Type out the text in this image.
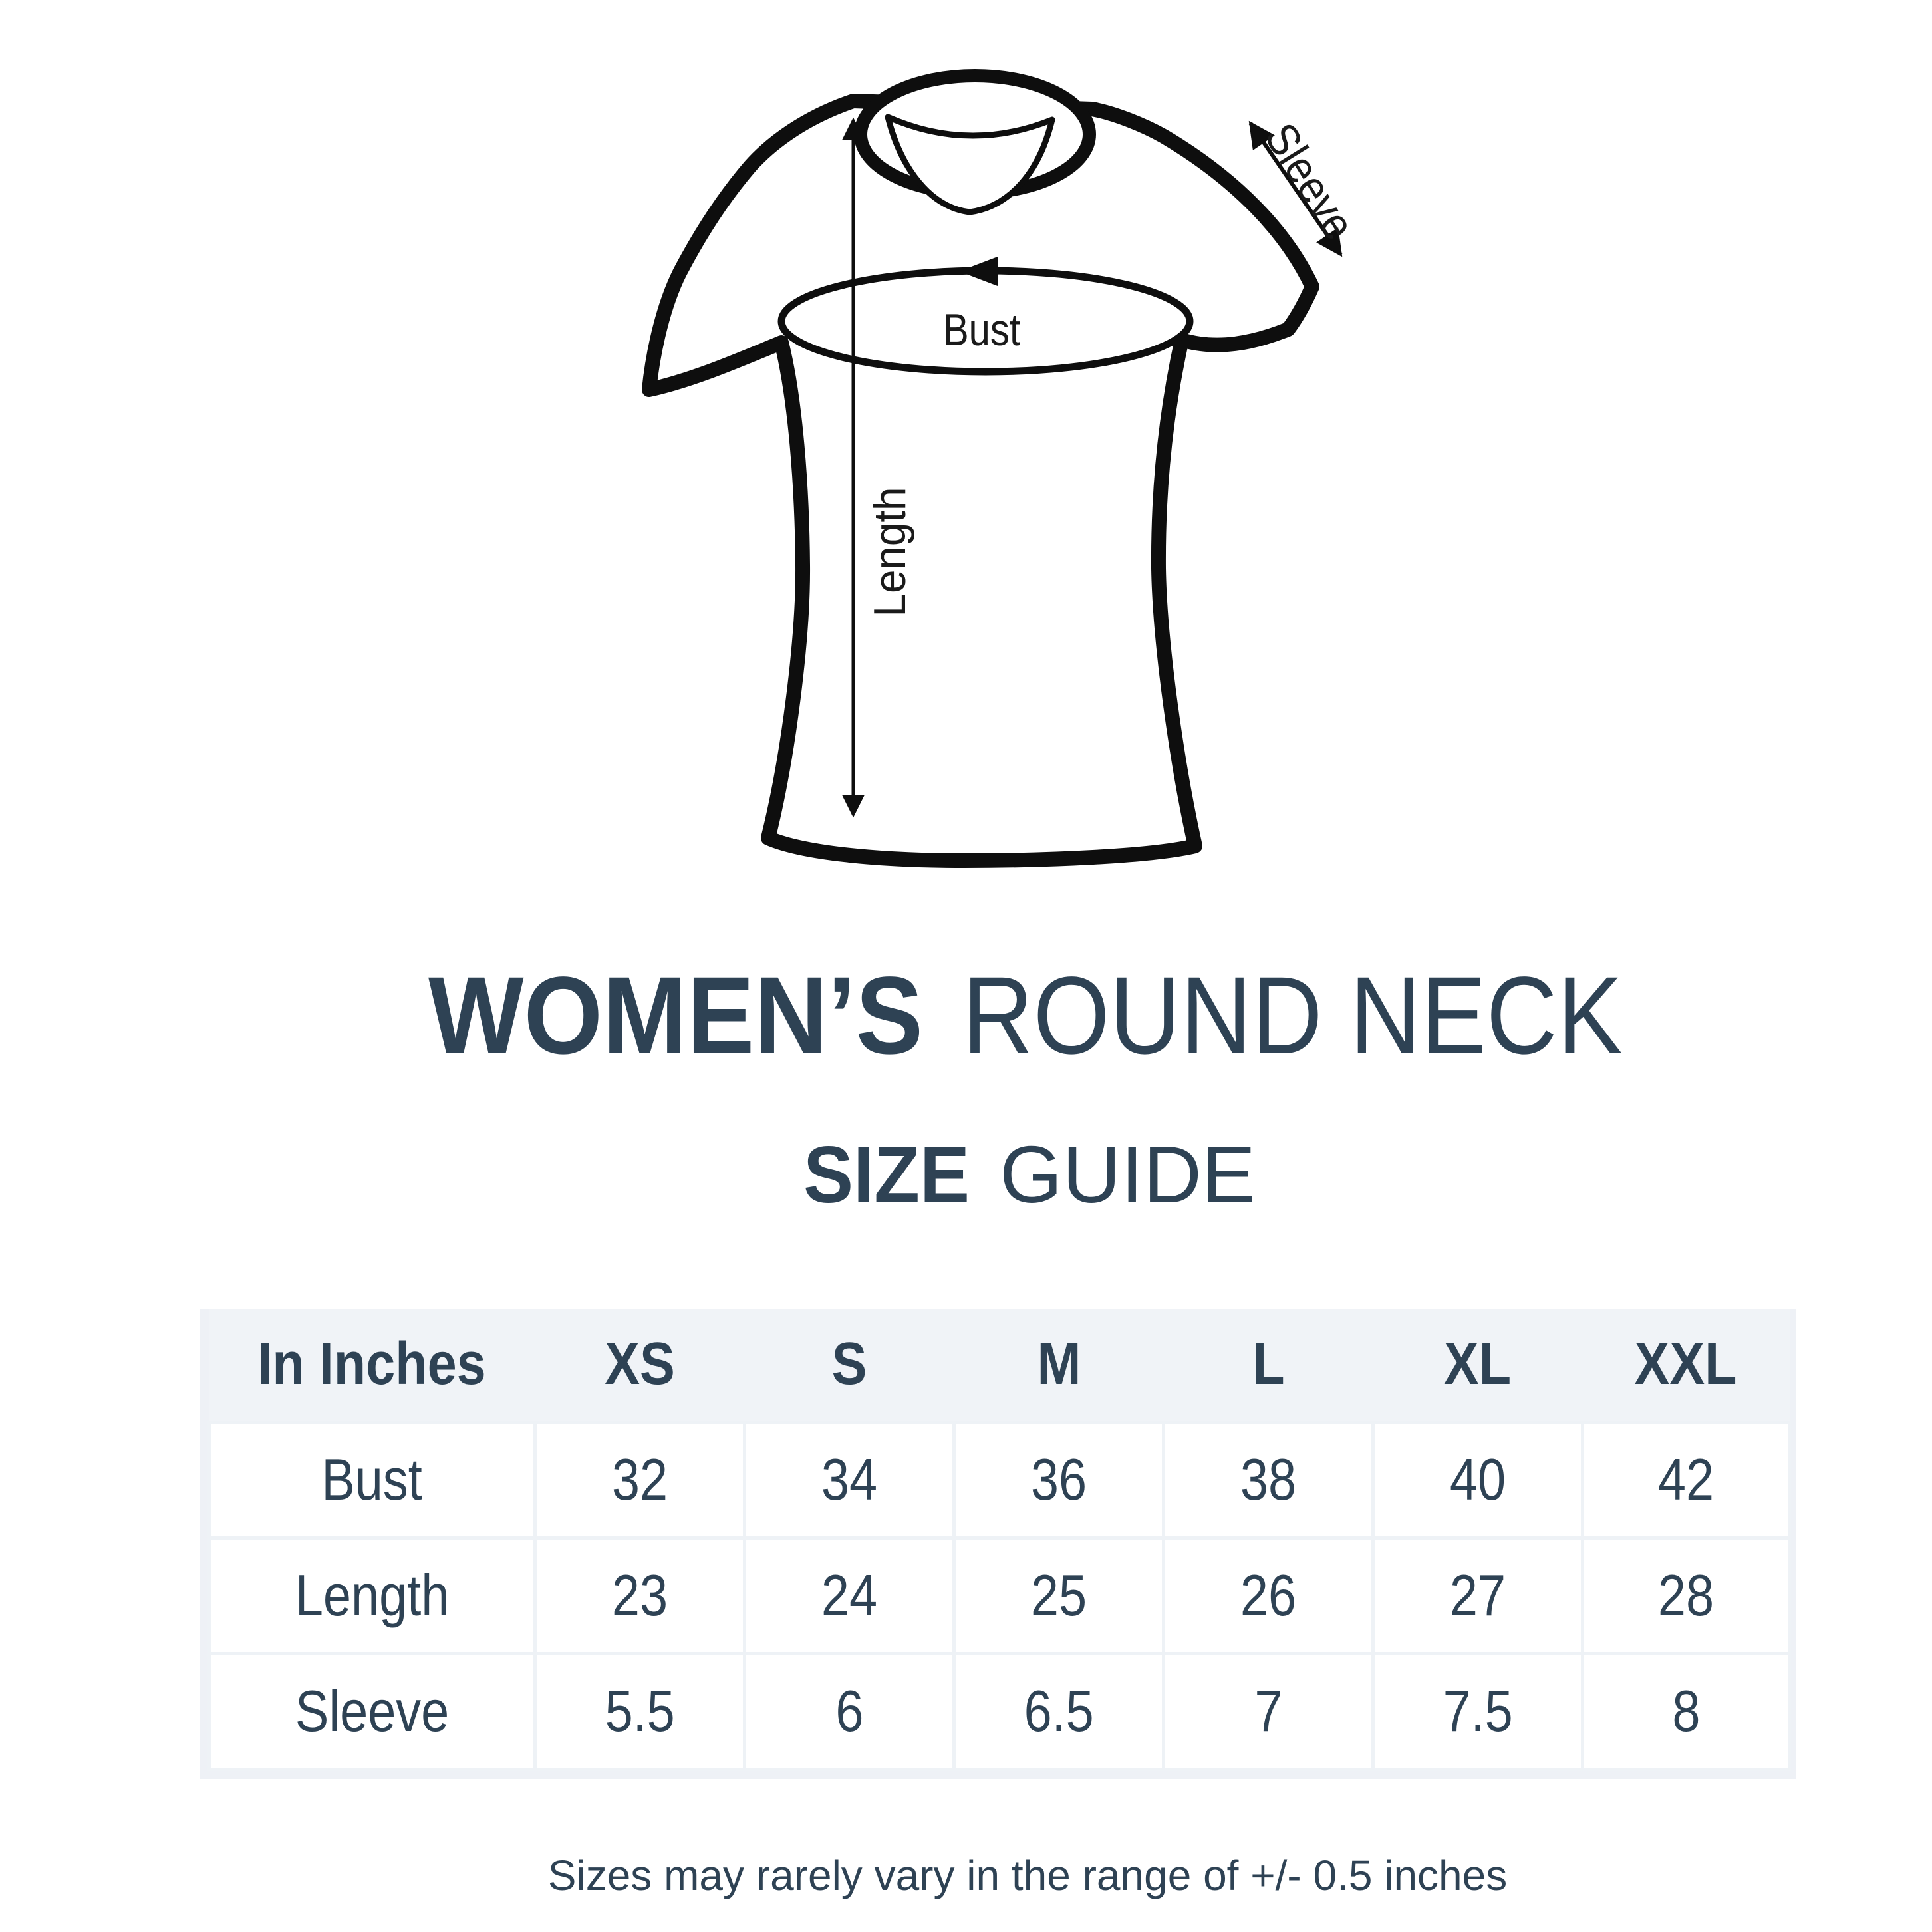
Bust
Length
Sleeve
WOMEN’S ROUND NECK
SIZE GUIDE
In Inches	XS	S	M	L	XL	XXL
Bust	32	34	36	38	40	42
Length	23	24	25	26	27	28
Sleeve	5.5	6	6.5	7	7.5	8
Sizes may rarely vary in the range of +/- 0.5 inches
